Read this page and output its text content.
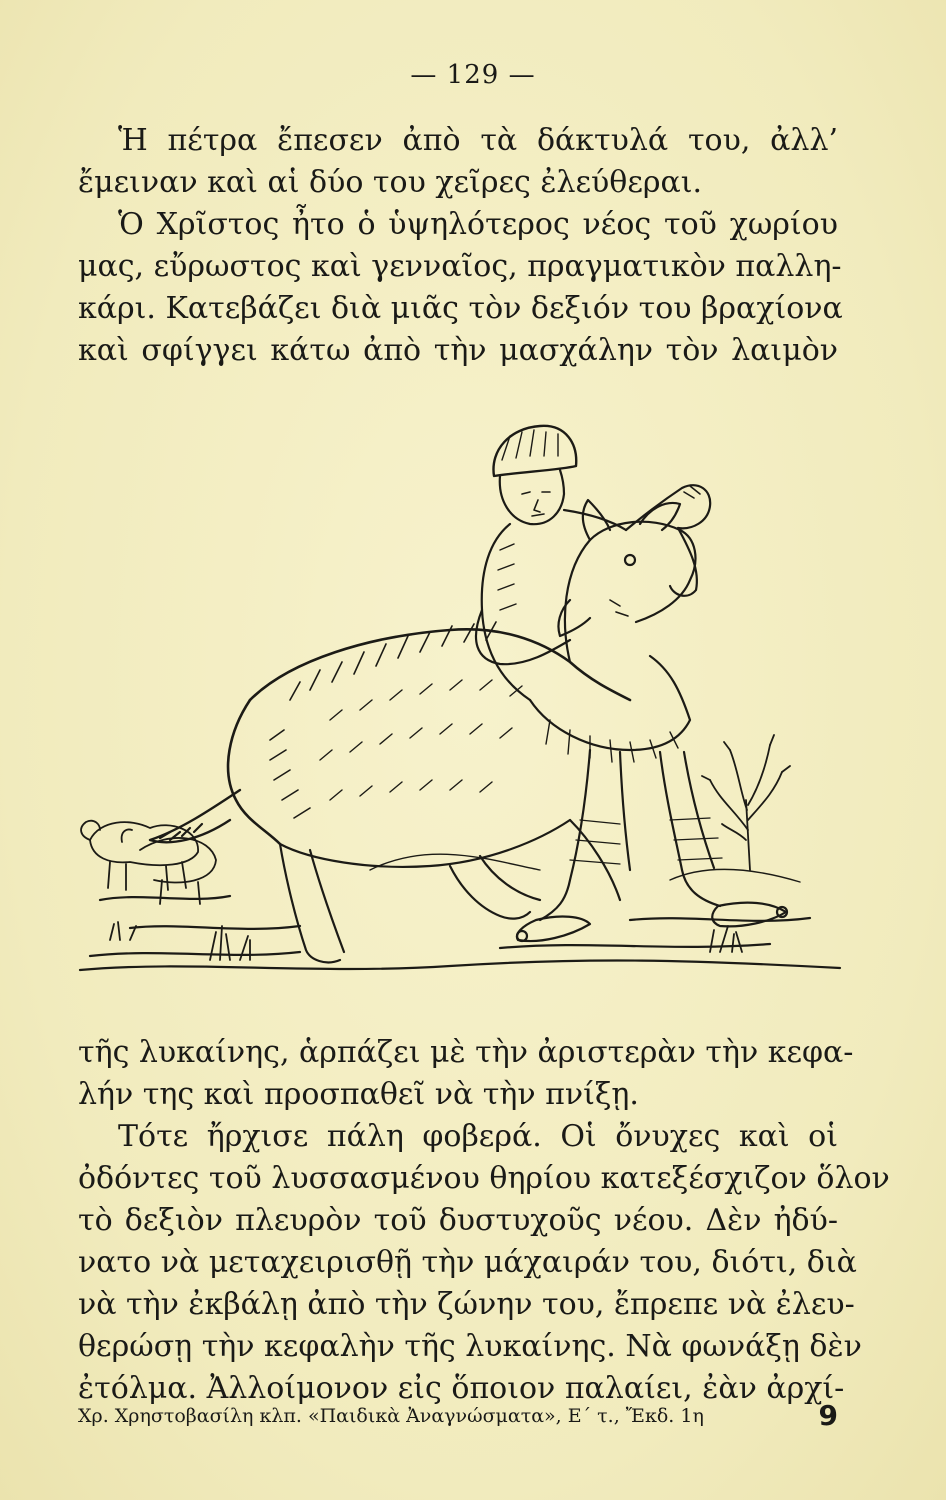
— 129 —
Ἡ πέτρα ἔπεσεν ἀπὸ τὰ δάκτυλά του, ἀλλ’
ἔμειναν καὶ αἱ δύο του χεῖρες ἐλεύθεραι.
Ὁ Χρῖστος ἦτο ὁ ὑψηλότερος νέος τοῦ χωρίου
μας, εὔρωστος καὶ γενναῖος, πραγματικὸν παλλη-
κάρι. Κατεβάζει διὰ μιᾶς τὸν δεξιόν του βραχίονα
καὶ σφίγγει κάτω ἀπὸ τὴν μασχάλην τὸν λαιμὸν
τῆς λυκαίνης, ἁρπάζει μὲ τὴν ἀριστερὰν τὴν κεφα-
λήν της καὶ προσπαθεῖ νὰ τὴν πνίξῃ.
Τότε ἤρχισε πάλη φοβερά. Οἱ ὄνυχες καὶ οἱ
ὀδόντες τοῦ λυσσασμένου θηρίου κατεξέσχιζον ὅλον
τὸ δεξιὸν πλευρὸν τοῦ δυστυχοῦς νέου. Δὲν ἠδύ-
νατο νὰ μεταχειρισθῇ τὴν μάχαιράν του, διότι, διὰ
νὰ τὴν ἐκβάλῃ ἀπὸ τὴν ζώνην του, ἔπρεπε νὰ ἐλευ-
θερώσῃ τὴν κεφαλὴν τῆς λυκαίνης. Νὰ φωνάξῃ δὲν
ἐτόλμα. Ἀλλοίμονον εἰς ὅποιον παλαίει, ἐὰν ἀρχί-
Χρ. Χρηστοβασίλη κλπ. «Παιδικὰ Ἀναγνώσματα», Ε΄ τ., Ἔκδ. 1η	9
